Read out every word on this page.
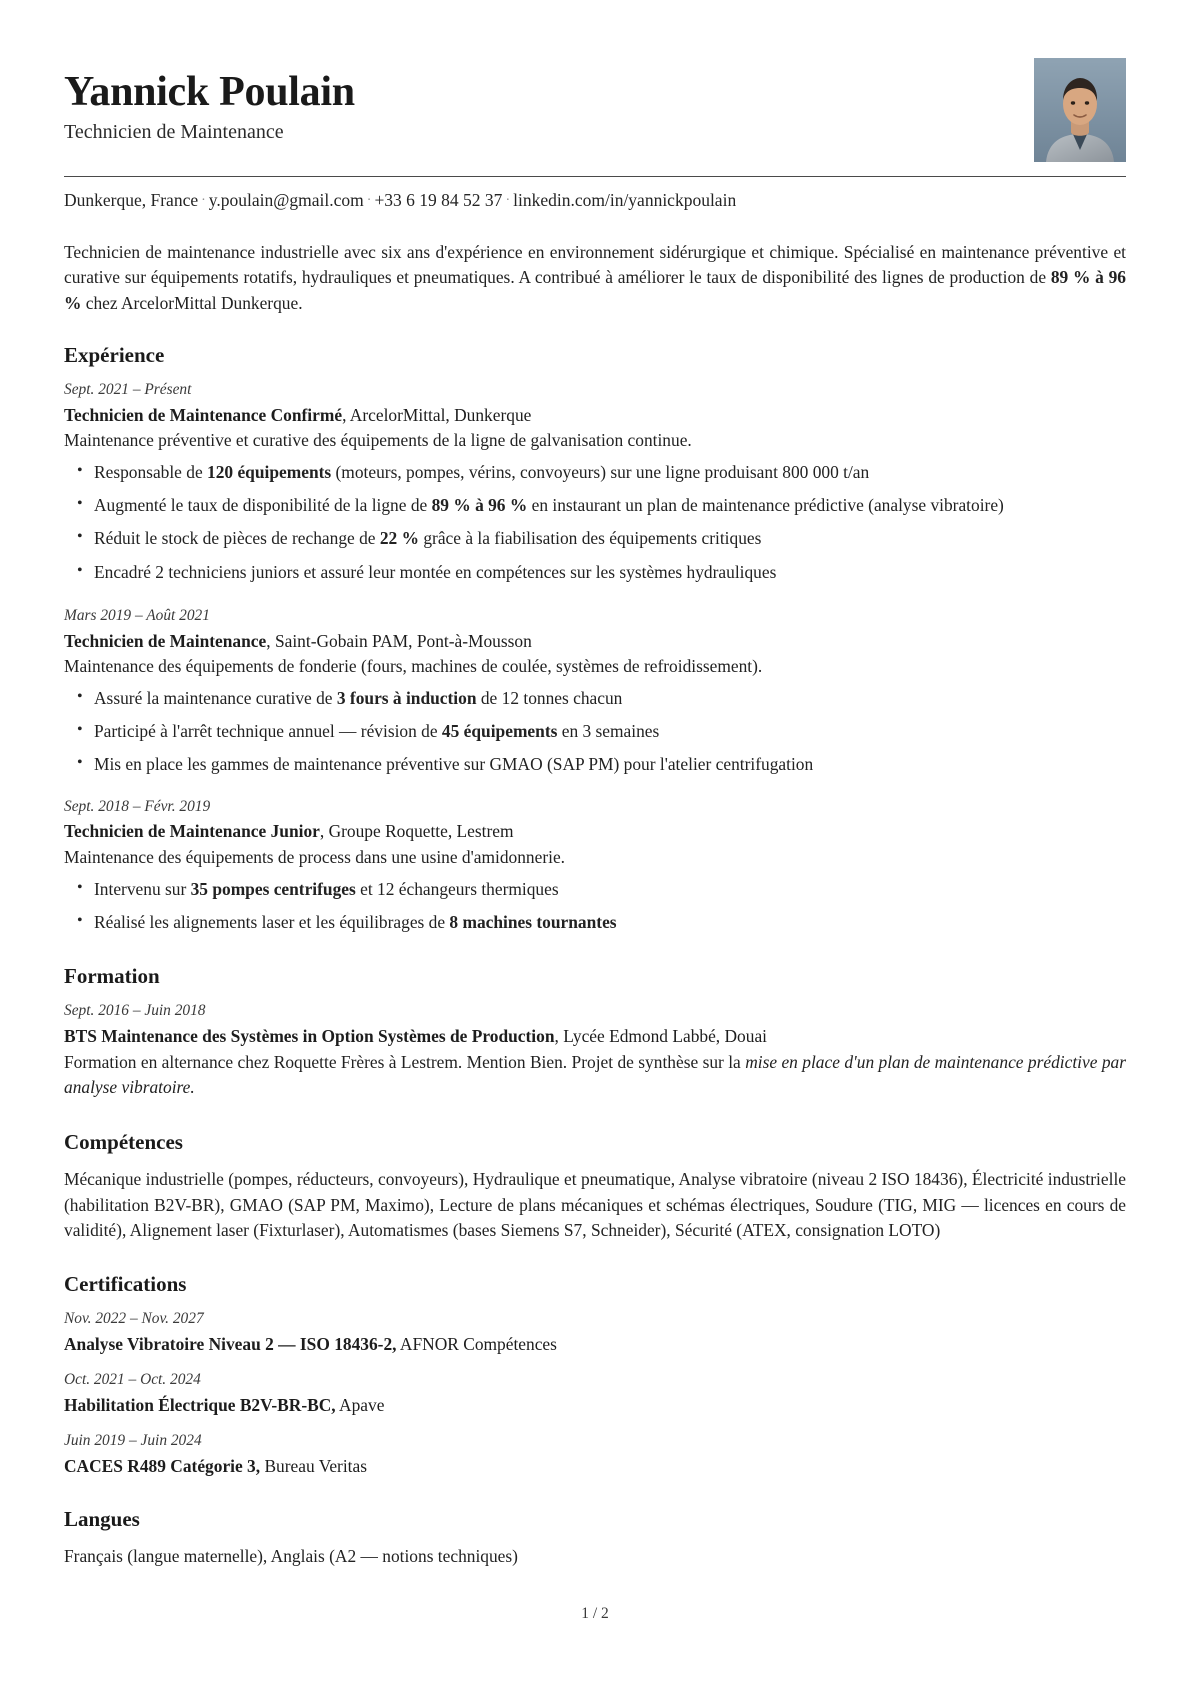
Yannick Poulain
Technicien de Maintenance
Dunkerque, France · y.poulain@gmail.com · +33 6 19 84 52 37 · linkedin.com/in/yannickpoulain
Technicien de maintenance industrielle avec six ans d'expérience en environnement sidérurgique et chimique. Spécialisé en maintenance préventive et curative sur équipements rotatifs, hydrauliques et pneumatiques. A contribué à améliorer le taux de disponibilité des lignes de production de 89 % à 96 % chez ArcelorMittal Dunkerque.
Expérience
Sept. 2021 – Présent
Technicien de Maintenance Confirmé, ArcelorMittal, Dunkerque
Maintenance préventive et curative des équipements de la ligne de galvanisation continue.
• Responsable de 120 équipements (moteurs, pompes, vérins, convoyeurs) sur une ligne produisant 800 000 t/an
• Augmenté le taux de disponibilité de la ligne de 89 % à 96 % en instaurant un plan de maintenance prédictive (analyse vibratoire)
• Réduit le stock de pièces de rechange de 22 % grâce à la fiabilisation des équipements critiques
• Encadré 2 techniciens juniors et assuré leur montée en compétences sur les systèmes hydrauliques
Mars 2019 – Août 2021
Technicien de Maintenance, Saint-Gobain PAM, Pont-à-Mousson
Maintenance des équipements de fonderie (fours, machines de coulée, systèmes de refroidissement).
• Assuré la maintenance curative de 3 fours à induction de 12 tonnes chacun
• Participé à l'arrêt technique annuel — révision de 45 équipements en 3 semaines
• Mis en place les gammes de maintenance préventive sur GMAO (SAP PM) pour l'atelier centrifugation
Sept. 2018 – Févr. 2019
Technicien de Maintenance Junior, Groupe Roquette, Lestrem
Maintenance des équipements de process dans une usine d'amidonnerie.
• Intervenu sur 35 pompes centrifuges et 12 échangeurs thermiques
• Réalisé les alignements laser et les équilibrages de 8 machines tournantes
Formation
Sept. 2016 – Juin 2018
BTS Maintenance des Systèmes in Option Systèmes de Production, Lycée Edmond Labbé, Douai
Formation en alternance chez Roquette Frères à Lestrem. Mention Bien. Projet de synthèse sur la mise en place d'un plan de maintenance prédictive par analyse vibratoire.
Compétences
Mécanique industrielle (pompes, réducteurs, convoyeurs), Hydraulique et pneumatique, Analyse vibratoire (niveau 2 ISO 18436), Électricité industrielle (habilitation B2V-BR), GMAO (SAP PM, Maximo), Lecture de plans mécaniques et schémas électriques, Soudure (TIG, MIG — licences en cours de validité), Alignement laser (Fixturlaser), Automatismes (bases Siemens S7, Schneider), Sécurité (ATEX, consignation LOTO)
Certifications
Nov. 2022 – Nov. 2027
Analyse Vibratoire Niveau 2 — ISO 18436-2, AFNOR Compétences
Oct. 2021 – Oct. 2024
Habilitation Électrique B2V-BR-BC, Apave
Juin 2019 – Juin 2024
CACES R489 Catégorie 3, Bureau Veritas
Langues
Français (langue maternelle), Anglais (A2 — notions techniques)
1 / 2
